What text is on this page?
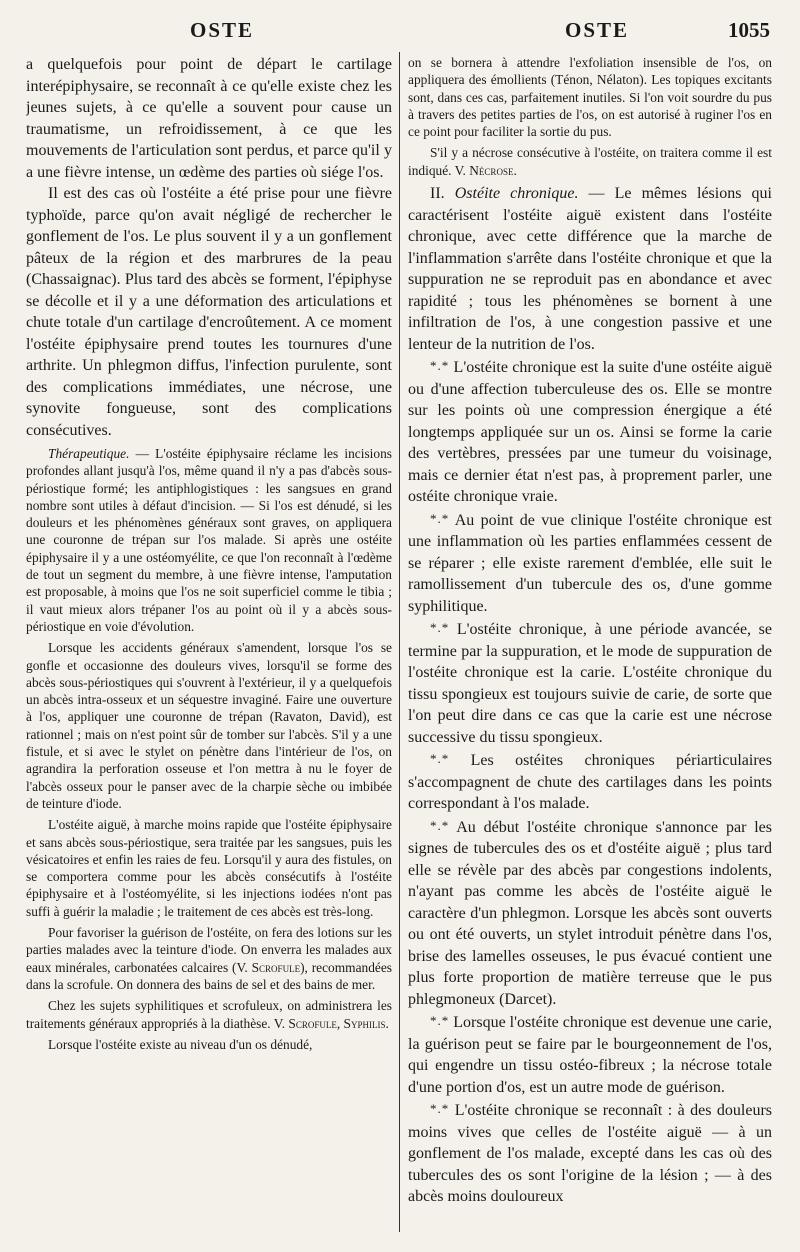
OSTE	OSTE	1055

a quelquefois pour point de départ le cartilage interépiphysaire, se reconnaît à ce qu'elle existe chez les jeunes sujets, à ce qu'elle a souvent pour cause un traumatisme, un refroidissement, à ce que les mouvements de l'articulation sont perdus, et parce qu'il y a une fièvre intense, un œdème des parties où siége l'os.

Il est des cas où l'ostéite a été prise pour une fièvre typhoïde, parce qu'on avait négligé de rechercher le gonflement de l'os. Le plus souvent il y a un gonflement pâteux de la région et des marbrures de la peau (Chassaignac). Plus tard des abcès se forment, l'épiphyse se décolle et il y a une déformation des articulations et chute totale d'un cartilage d'encroûtement. A ce moment l'ostéite épiphysaire prend toutes les tournures d'une arthrite. Un phlegmon diffus, l'infection purulente, sont des complications immédiates, une nécrose, une synovite fongueuse, sont des complications consécutives.

Thérapeutique. — L'ostéite épiphysaire réclame les incisions profondes allant jusqu'à l'os, même quand il n'y a pas d'abcès sous-périostique formé; les antiphlogistiques : les sangsues en grand nombre sont utiles à défaut d'incision. — Si l'os est dénudé, si les douleurs et les phénomènes généraux sont graves, on appliquera une couronne de trépan sur l'os malade. Si après une ostéite épiphysaire il y a une ostéomyélite, ce que l'on reconnaît à l'œdème de tout un segment du membre, à une fièvre intense, l'amputation est proposable, à moins que l'os ne soit superficiel comme le tibia ; il vaut mieux alors trépaner l'os au point où il y a abcès sous-périostique en voie d'évolution.

Lorsque les accidents généraux s'amendent, lorsque l'os se gonfle et occasionne des douleurs vives, lorsqu'il se forme des abcès sous-périostiques qui s'ouvrent à l'extérieur, il y a quelquefois un abcès intra-osseux et un séquestre invaginé. Faire une ouverture à l'os, appliquer une couronne de trépan (Ravaton, David), est rationnel ; mais on n'est point sûr de tomber sur l'abcès. S'il y a une fistule, et si avec le stylet on pénètre dans l'intérieur de l'os, on agrandira la perforation osseuse et l'on mettra à nu le foyer de l'abcès osseux pour le panser avec de la charpie sèche ou imbibée de teinture d'iode.

L'ostéite aiguë, à marche moins rapide que l'ostéite épiphysaire et sans abcès sous-périostique, sera traitée par les sangsues, puis les vésicatoires et enfin les raies de feu. Lorsqu'il y aura des fistules, on se comportera comme pour les abcès consécutifs à l'ostéite épiphysaire et à l'ostéomyélite, si les injections iodées n'ont pas suffi à guérir la maladie ; le traitement de ces abcès est très-long.

Pour favoriser la guérison de l'ostéite, on fera des lotions sur les parties malades avec la teinture d'iode. On enverra les malades aux eaux minérales, carbonatées calcaires (V. Scrofule), recommandées dans la scrofule. On donnera des bains de sel et des bains de mer.

Chez les sujets syphilitiques et scrofuleux, on administrera les traitements généraux appropriés à la diathèse. V. Scrofule, Syphilis.

Lorsque l'ostéite existe au niveau d'un os dénudé,

on se bornera à attendre l'exfoliation insensible de l'os, on appliquera des émollients (Ténon, Nélaton). Les topiques excitants sont, dans ces cas, parfaitement inutiles. Si l'on voit sourdre du pus à travers des petites parties de l'os, on est autorisé à ruginer l'os en ce point pour faciliter la sortie du pus.

S'il y a nécrose consécutive à l'ostéite, on traitera comme il est indiqué. V. Nécrose.

II. Ostéite chronique. — Le mêmes lésions qui caractérisent l'ostéite aiguë existent dans l'ostéite chronique, avec cette différence que la marche de l'inflammation s'arrête dans l'ostéite chronique et que la suppuration ne se reproduit pas en abondance et avec rapidité ; tous les phénomènes se bornent à une infiltration de l'os, à une congestion passive et une lenteur de la nutrition de l'os.

*.* L'ostéite chronique est la suite d'une ostéite aiguë ou d'une affection tuberculeuse des os. Elle se montre sur les points où une compression énergique a été longtemps appliquée sur un os. Ainsi se forme la carie des vertèbres, pressées par une tumeur du voisinage, mais ce dernier état n'est pas, à proprement parler, une ostéite chronique vraie.

*.* Au point de vue clinique l'ostéite chronique est une inflammation où les parties enflammées cessent de se réparer ; elle existe rarement d'emblée, elle suit le ramollissement d'un tubercule des os, d'une gomme syphilitique.

*.* L'ostéite chronique, à une période avancée, se termine par la suppuration, et le mode de suppuration de l'ostéite chronique est la carie. L'ostéite chronique du tissu spongieux est toujours suivie de carie, de sorte que l'on peut dire dans ce cas que la carie est une nécrose successive du tissu spongieux.

*.* Les ostéites chroniques périarticulaires s'accompagnent de chute des cartilages dans les points correspondant à l'os malade.

*.* Au début l'ostéite chronique s'annonce par les signes de tubercules des os et d'ostéite aiguë ; plus tard elle se révèle par des abcès par congestions indolents, n'ayant pas comme les abcès de l'ostéite aiguë le caractère d'un phlegmon. Lorsque les abcès sont ouverts ou ont été ouverts, un stylet introduit pénètre dans l'os, brise des lamelles osseuses, le pus évacué contient une plus forte proportion de matière terreuse que le pus phlegmoneux (Darcet).

*.* Lorsque l'ostéite chronique est devenue une carie, la guérison peut se faire par le bourgeonnement de l'os, qui engendre un tissu ostéo-fibreux ; la nécrose totale d'une portion d'os, est un autre mode de guérison.

*.* L'ostéite chronique se reconnaît : à des douleurs moins vives que celles de l'ostéite aiguë — à un gonflement de l'os malade, excepté dans les cas où des tubercules des os sont l'origine de la lésion ; — à des abcès moins douloureux
